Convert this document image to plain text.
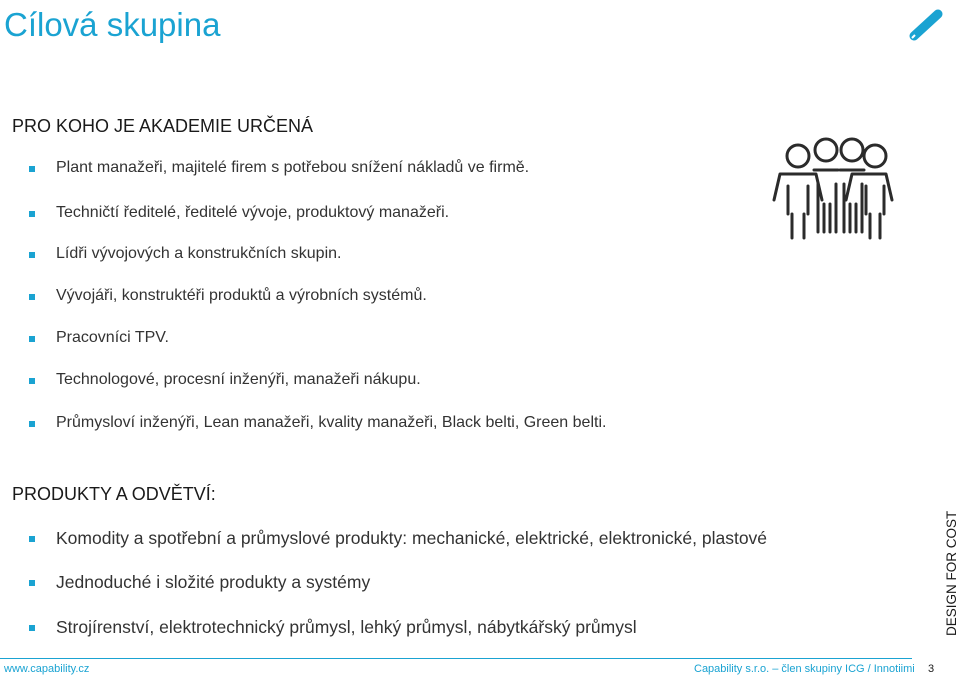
Cílová skupina
PRO KOHO JE AKADEMIE URČENÁ
Plant manažeři, majitelé firem s potřebou snížení nákladů ve firmě.
Techničtí ředitelé, ředitelé vývoje, produktový manažeři.
Lídři vývojových a konstrukčních skupin.
Vývojáři, konstruktéři produktů a výrobních systémů.
Pracovníci TPV.
Technologové, procesní inženýři, manažeři nákupu.
Průmysloví inženýři, Lean manažeři, kvality manažeři, Black belti, Green belti.
PRODUKTY A ODVĚTVÍ:
Komodity a spotřební a průmyslové produkty: mechanické, elektrické, elektronické, plastové
Jednoduché i složité produkty a systémy
Strojírenství, elektrotechnický průmysl, lehký průmysl, nábytkářský průmysl	DESIGN FOR COST
www.capability.cz	Capability s.r.o. – člen skupiny ICG / Innotiimi 3
